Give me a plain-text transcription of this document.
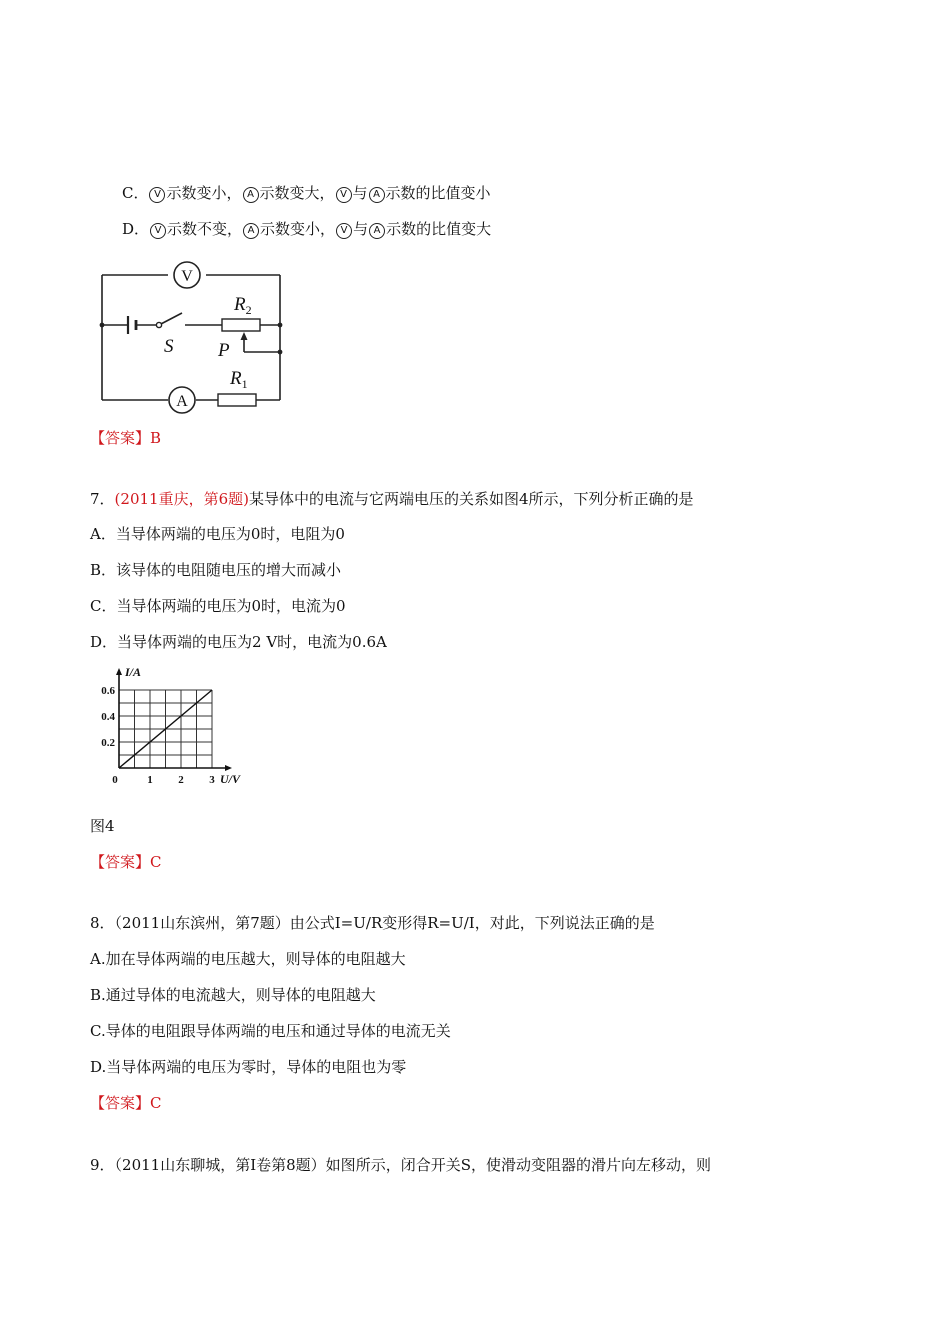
C． V 示数变小， A 示数变大， V 与 A 示数的比值变小
D． V 示数不变， A 示数变小， V 与 A 示数的比值变大
V
A
S P
$R_2$
$R_1$
【答案】B
7．(2011重庆，第6题)某导体中的电流与它两端电压的关系如图4所示，下列分析正确的是
A．当导体两端的电压为0时，电阻为0
B．该导体的电阻随电压的增大而减小
C．当导体两端的电压为0时，电流为0
D．当导体两端的电压为2 V时，电流为0.6A
0.2
0.4
0.6
0	1 2 3
I/A
U/V
图4
【答案】C
8．（2011山东滨州，第7题）由公式I=U/R变形得R=U/I，对此，下列说法正确的是
A.加在导体两端的电压越大，则导体的电阻越大
B.通过导体的电流越大，则导体的电阻越大
C.导体的电阻跟导体两端的电压和通过导体的电流无关
D.当导体两端的电压为零时，导体的电阻也为零
【答案】C
9．（2011山东聊城，第Ⅰ卷第8题）如图所示，闭合开关S，使滑动变阻器的滑片向左移动，则
